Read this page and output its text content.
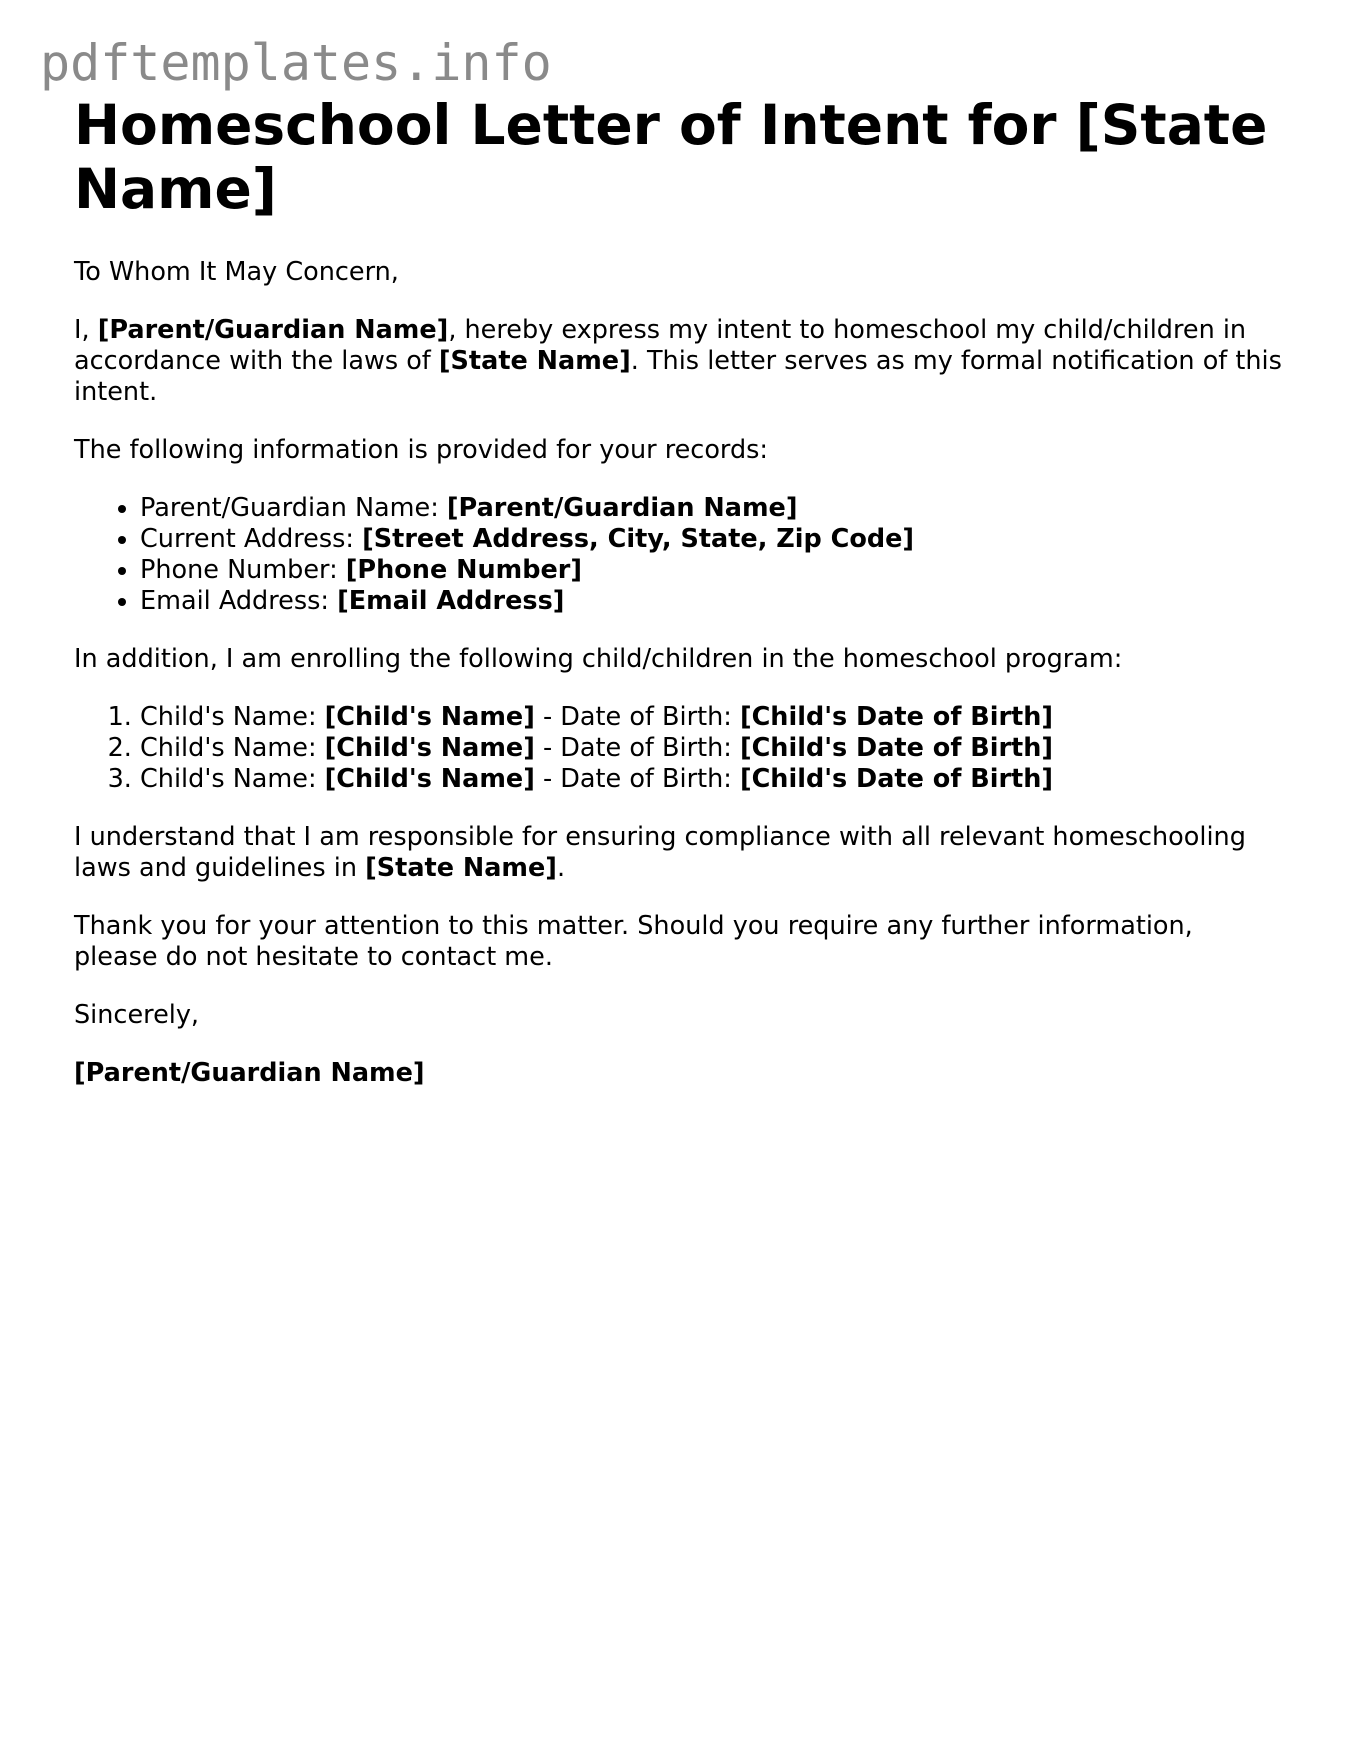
pdftemplates.info
Homeschool Letter of Intent for [State Name]

To Whom It May Concern,

I, [Parent/Guardian Name], hereby express my intent to homeschool my child/children in accordance with the laws of [State Name]. This letter serves as my formal notification of this intent.

The following information is provided for your records:

• Parent/Guardian Name: [Parent/Guardian Name]
• Current Address: [Street Address, City, State, Zip Code]
• Phone Number: [Phone Number]
• Email Address: [Email Address]

In addition, I am enrolling the following child/children in the homeschool program:

1. Child's Name: [Child's Name] - Date of Birth: [Child's Date of Birth]
2. Child's Name: [Child's Name] - Date of Birth: [Child's Date of Birth]
3. Child's Name: [Child's Name] - Date of Birth: [Child's Date of Birth]

I understand that I am responsible for ensuring compliance with all relevant homeschooling laws and guidelines in [State Name].

Thank you for your attention to this matter. Should you require any further information, please do not hesitate to contact me.

Sincerely,

[Parent/Guardian Name]
